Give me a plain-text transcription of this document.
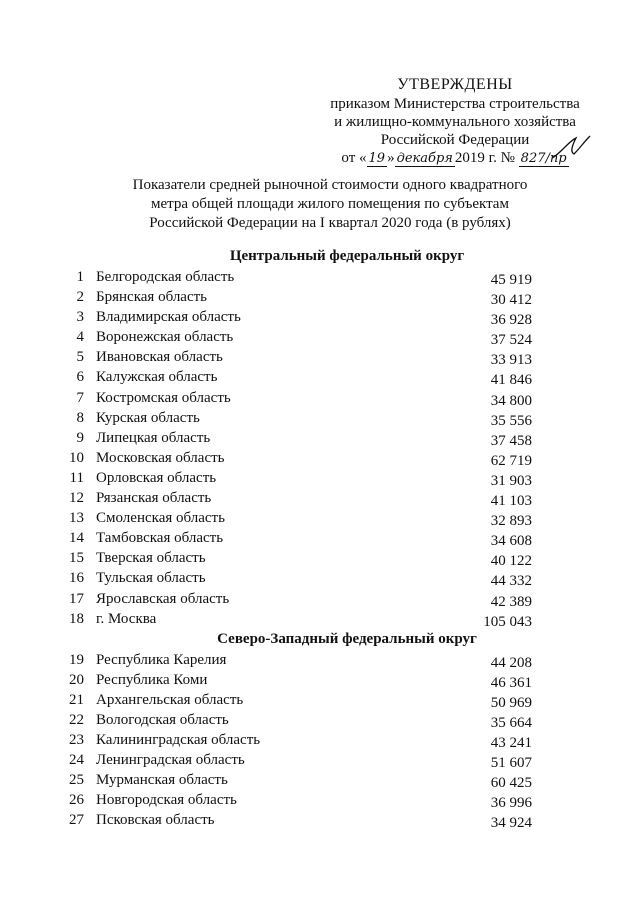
УТВЕРЖДЕНЫ
приказом Министерства строительства
и жилищно-коммунального хозяйства
Российской Федерации
от « 19 » декабря 2019 г. № 827/пр
Показатели средней рыночной стоимости одного квадратного
метра общей площади жилого помещения по субъектам
Российской Федерации на I квартал 2020 года (в рублях)
Центральный федеральный округ
1 Белгородская область	45 919
2 Брянская область	30 412
3 Владимирская область	36 928
4 Воронежская область	37 524
5 Ивановская область	33 913
6 Калужская область	41 846
7 Костромская область	34 800
8 Курская область	35 556
9 Липецкая область	37 458
10 Московская область	62 719
11 Орловская область	31 903
12 Рязанская область	41 103
13 Смоленская область	32 893
14 Тамбовская область	34 608
15 Тверская область	40 122
16 Тульская область	44 332
17 Ярославская область	42 389
18 г. Москва	105 043
Северо-Западный федеральный округ
19 Республика Карелия	44 208
20 Республика Коми	46 361
21 Архангельская область	50 969
22 Вологодская область	35 664
23 Калининградская область	43 241
24 Ленинградская область	51 607
25 Мурманская область	60 425
26 Новгородская область	36 996
27 Псковская область	34 924
